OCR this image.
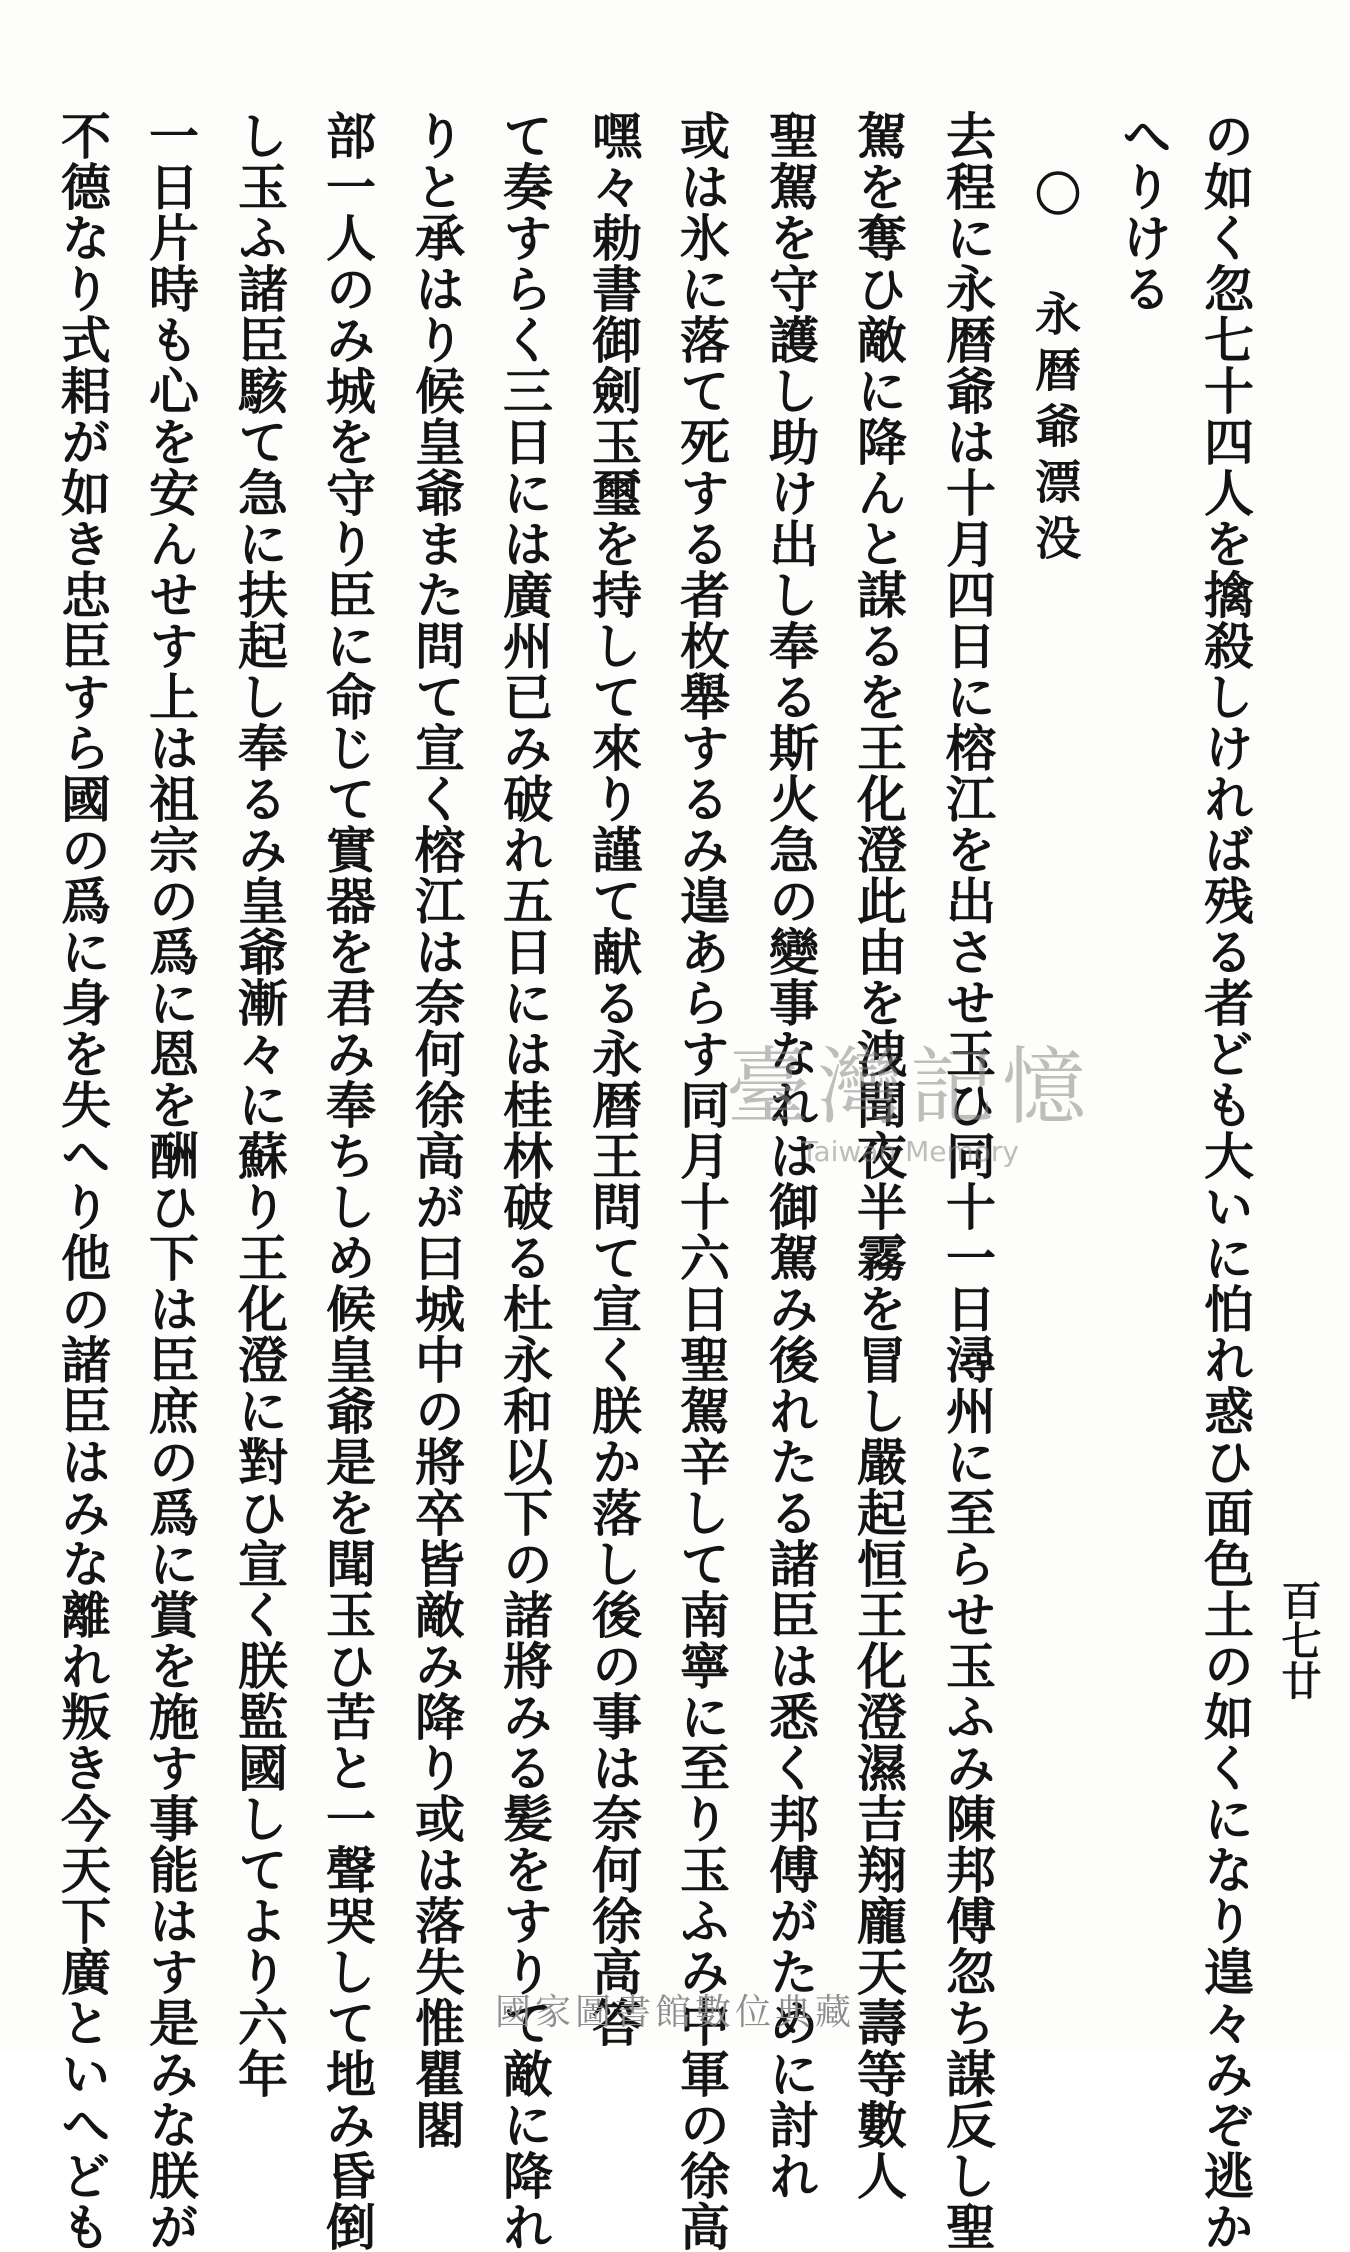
百七廿
の如く忽七十四人を擒殺しければ残る者ども大いに怕れ惑ひ面色土の如くになり遑々みぞ逃か
へりける
〇 永暦爺漂没
去程に永暦爺は十月四日に榕江を出させ玉ひ同十一日潯州に至らせ玉ふみ陳邦傅忽ち謀反し聖
駕を奪ひ敵に降んと謀るを王化澄此由を洩聞夜半霧を冒し嚴起恒王化澄濕吉翔龐天壽等數人
聖駕を守護し助け出し奉る斯火急の變事なれは御駕み後れたる諸臣は悉く邦傅がために討れ
或は氷に落て死する者枚舉するみ遑あらす同月十六日聖駕辛して南寧に至り玉ふみ中軍の徐高
嘿々勅書御劍玉璽を持して來り謹て献る永暦王問て宣く朕か落し後の事は奈何徐高答
て奏すらく三日には廣州已み破れ五日には桂林破る杜永和以下の諸將みる髪をすりて敵に降れ
りと承はり候皇爺また問て宣く榕江は奈何徐高が曰城中の將卒皆敵み降り或は落失惟瞿閣
部一人のみ城を守り臣に命じて實器を君み奉ちしめ候皇爺是を聞玉ひ苦と一聲哭して地み昏倒
し玉ふ諸臣駭て急に扶起し奉るみ皇爺漸々に蘇り王化澄に對ひ宣く朕監國してより六年
一日片時も心を安んせす上は祖宗の爲に恩を酬ひ下は臣庶の爲に賞を施す事能はす是みな朕が
不德なり式耜が如き忠臣すら國の爲に身を失へり他の諸臣はみな離れ叛き今天下廣といへども	臺灣記憶
Taiwan Memory
國家圖書館數位典藏
